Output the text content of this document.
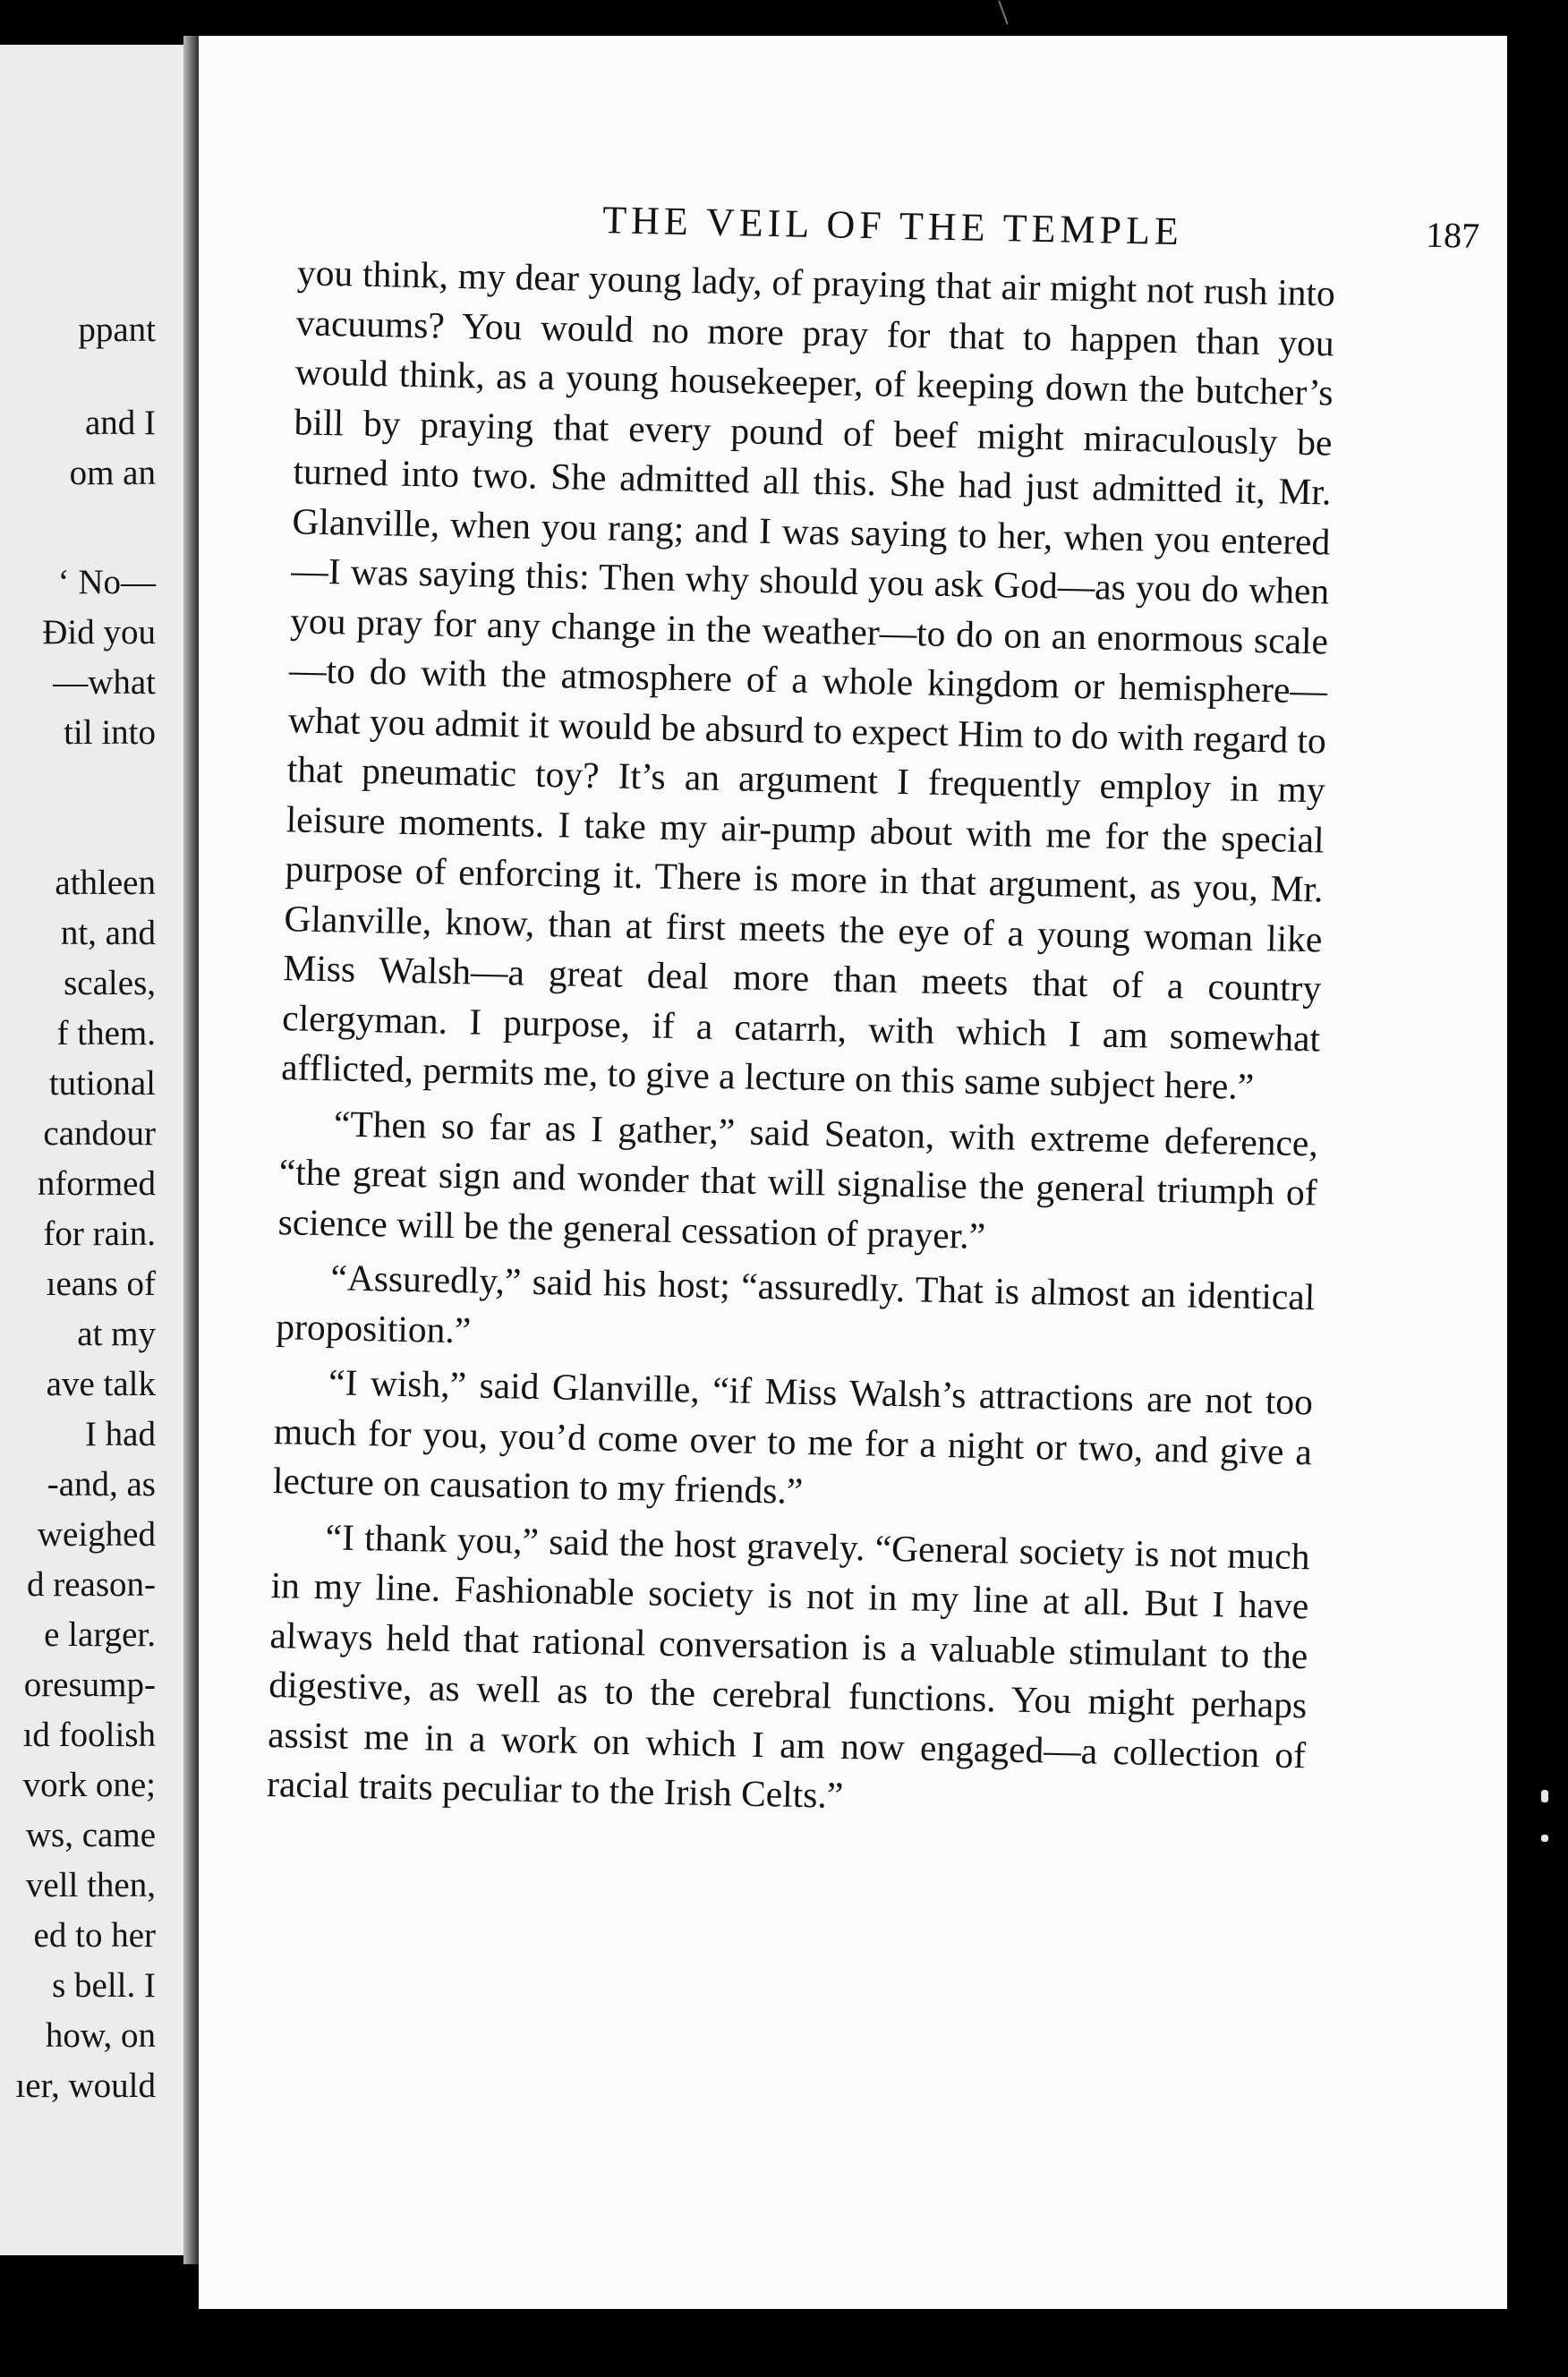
ppant
and I
om an
‘ No—
Ɖid you
—what
til into
athleen
nt, and
scales,
f them.
tutional
candour
nformed
for rain.
ıeans of
at my
ave talk
I had
-and, as
weighed
d reason-
e larger.
oresump-
ıd foolish
vork one;
ws, came
vell then,
ed to her
s bell. I
how, on
ıer, would
THE VEIL OF THE TEMPLE	187

you think, my dear young lady, of praying that air might not rush into vacuums? You would no more pray for that to happen than you would think, as a young housekeeper, of keeping down the butcher’s bill by praying that every pound of beef might miraculously be turned into two. She admitted all this. She had just admitted it, Mr. Glanville, when you rang; and I was saying to her, when you entered—I was saying this: Then why should you ask God—as you do when you pray for any change in the weather—to do on an enormous scale—to do with the atmosphere of a whole kingdom or hemisphere—what you admit it would be absurd to expect Him to do with regard to that pneumatic toy? It’s an argument I frequently employ in my leisure moments. I take my air-pump about with me for the special purpose of enforcing it. There is more in that argument, as you, Mr. Glanville, know, than at first meets the eye of a young woman like Miss Walsh—a great deal more than meets that of a country clergyman. I purpose, if a catarrh, with which I am somewhat afflicted, permits me, to give a lecture on this same subject here.”

“Then so far as I gather,” said Seaton, with extreme deference, “the great sign and wonder that will signalise the general triumph of science will be the general cessation of prayer.”

“Assuredly,” said his host; “assuredly. That is almost an identical proposition.”

“I wish,” said Glanville, “if Miss Walsh’s attractions are not too much for you, you’d come over to me for a night or two, and give a lecture on causation to my friends.”

“I thank you,” said the host gravely. “General society is not much in my line. Fashionable society is not in my line at all. But I have always held that rational conversation is a valuable stimulant to the digestive, as well as to the cerebral functions. You might perhaps assist me in a work on which I am now engaged—a collection of racial traits peculiar to the Irish Celts.”
